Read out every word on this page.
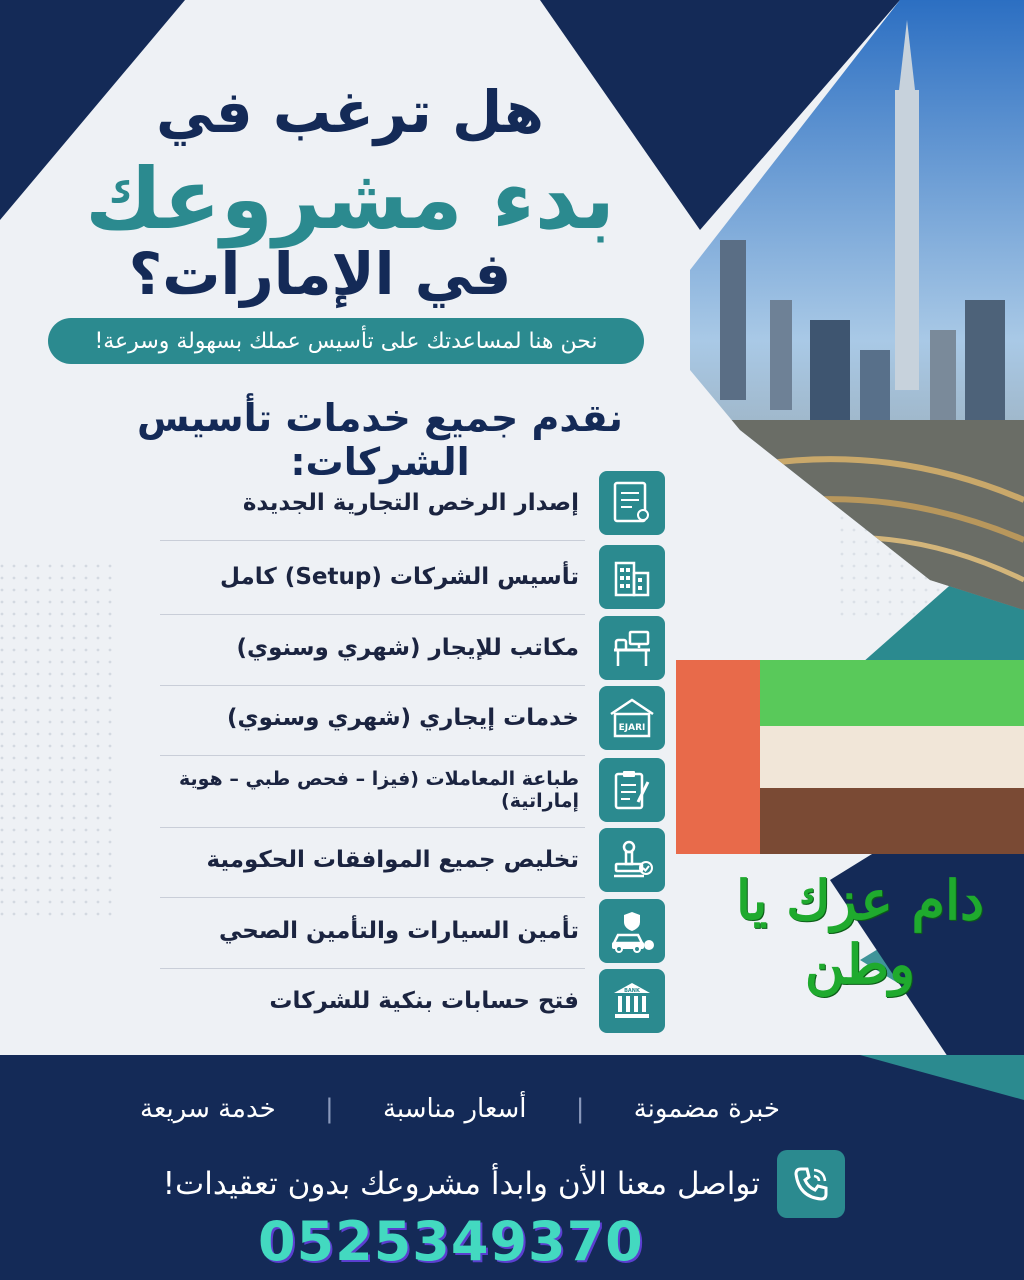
هل ترغب في
بدء مشروعك
في الإمارات؟
نحن هنا لمساعدتك على تأسيس عملك بسهولة وسرعة!
نقدم جميع خدمات تأسيس الشركات:
إصدار الرخص التجارية الجديدة
تأسيس الشركات (Setup) كامل
مكاتب للإيجار (شهري وسنوي)
EJARI
خدمات إيجاري (شهري وسنوي)
طباعة المعاملات (فيزا – فحص طبي – هوية إماراتية)
تخليص جميع الموافقات الحكومية
تأمين السيارات والتأمين الصحي
BANK
فتح حسابات بنكية للشركات
دام عزك يا وطن
خدمة سريعة | أسعار مناسبة | خبرة مضمونة
تواصل معنا الأن وابدأ مشروعك بدون تعقيدات!
0525349370
